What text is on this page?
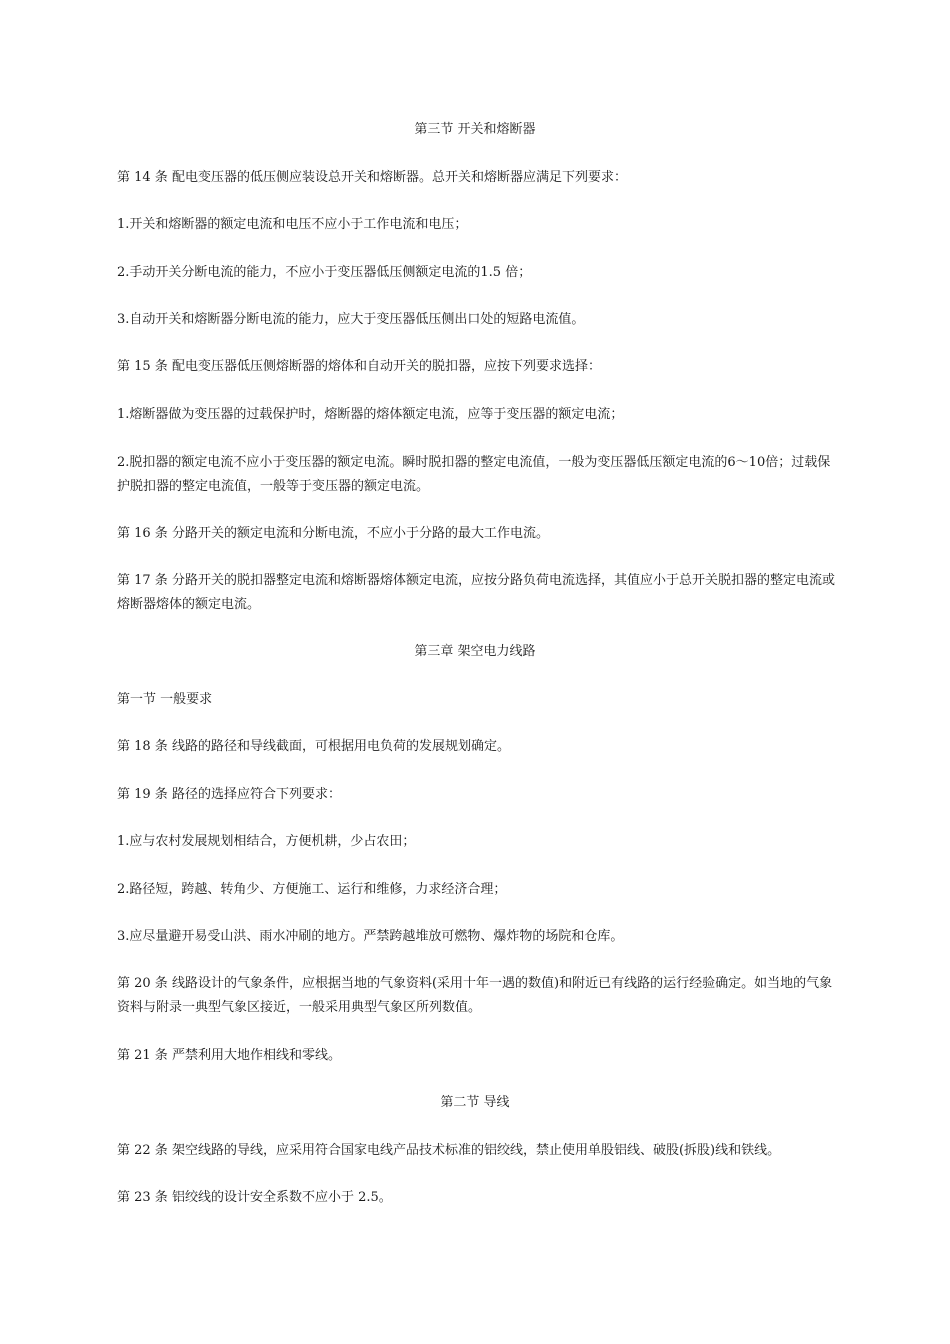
第三节 开关和熔断器
第 14 条 配电变压器的低压侧应装设总开关和熔断器。总开关和熔断器应满足下列要求：
1.开关和熔断器的额定电流和电压不应小于工作电流和电压；
2.手动开关分断电流的能力，不应小于变压器低压侧额定电流的1.5 倍；
3.自动开关和熔断器分断电流的能力，应大于变压器低压侧出口处的短路电流值。
第 15 条 配电变压器低压侧熔断器的熔体和自动开关的脱扣器，应按下列要求选择：
1.熔断器做为变压器的过载保护时，熔断器的熔体额定电流，应等于变压器的额定电流；
2.脱扣器的额定电流不应小于变压器的额定电流。瞬时脱扣器的整定电流值，一般为变压器低压额定电流的6～10倍；过载保护脱扣器的整定电流值，一般等于变压器的额定电流。
第 16 条 分路开关的额定电流和分断电流，不应小于分路的最大工作电流。
第 17 条 分路开关的脱扣器整定电流和熔断器熔体额定电流，应按分路负荷电流选择，其值应小于总开关脱扣器的整定电流或熔断器熔体的额定电流。
第三章 架空电力线路
第一节 一般要求
第 18 条 线路的路径和导线截面，可根据用电负荷的发展规划确定。
第 19 条 路径的选择应符合下列要求：
1.应与农村发展规划相结合，方便机耕，少占农田；
2.路径短，跨越、转角少、方便施工、运行和维修，力求经济合理；
3.应尽量避开易受山洪、雨水冲刷的地方。严禁跨越堆放可燃物、爆炸物的场院和仓库。
第 20 条 线路设计的气象条件，应根据当地的气象资料(采用十年一遇的数值)和附近已有线路的运行经验确定。如当地的气象资料与附录一典型气象区接近，一般采用典型气象区所列数值。
第 21 条 严禁利用大地作相线和零线。
第二节 导线
第 22 条 架空线路的导线，应采用符合国家电线产品技术标准的铝绞线，禁止使用单股铝线、破股(拆股)线和铁线。
第 23 条 铝绞线的设计安全系数不应小于 2.5。
